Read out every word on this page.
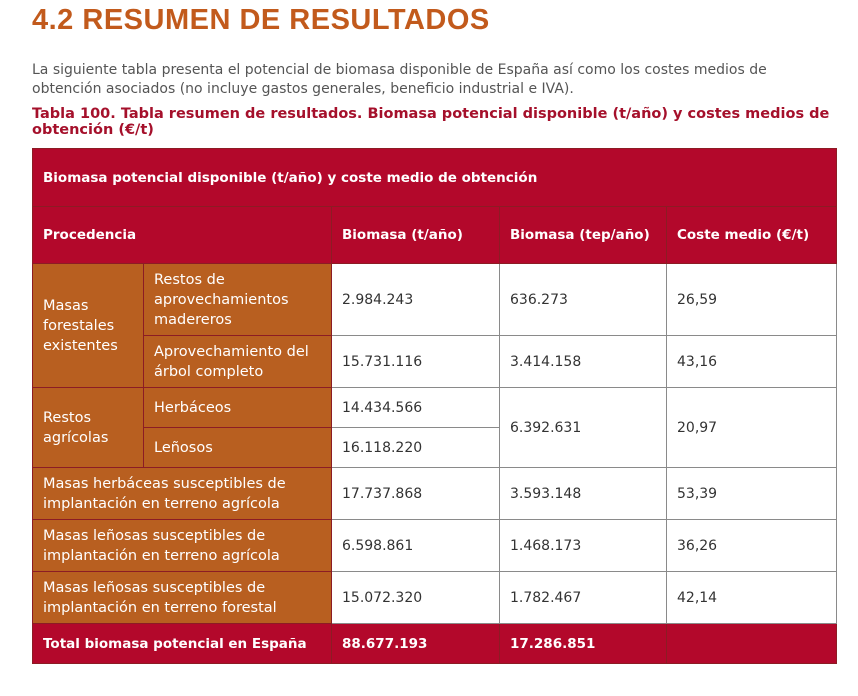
4.2 RESUMEN DE RESULTADOS
La siguiente tabla presenta el potencial de biomasa disponible de España así como los costes medios de obtención asociados (no incluye gastos generales, beneficio industrial e IVA).
Tabla 100. Tabla resumen de resultados. Biomasa potencial disponible (t/año) y costes medios de obtención (€/t)
Biomasa potencial disponible (t/año) y coste medio de obtención				
Procedencia		Biomasa (t/año)	Biomasa (tep/año)	Coste medio (€/t)
Masas forestales existentes	Restos de aprovechamientos madereros	2.984.243	636.273	26,59
	Aprovechamiento del árbol completo	15.731.116	3.414.158	43,16
Restos agrícolas	Herbáceos	14.434.566	6.392.631	20,97
	Leñosos	16.118.220		
Masas herbáceas susceptibles de implantación en terreno agrícola		17.737.868	3.593.148	53,39
Masas leñosas susceptibles de implantación en terreno agrícola		6.598.861	1.468.173	36,26
Masas leñosas susceptibles de implantación en terreno forestal		15.072.320	1.782.467	42,14
Total biomasa potencial en España		88.677.193	17.286.851	
